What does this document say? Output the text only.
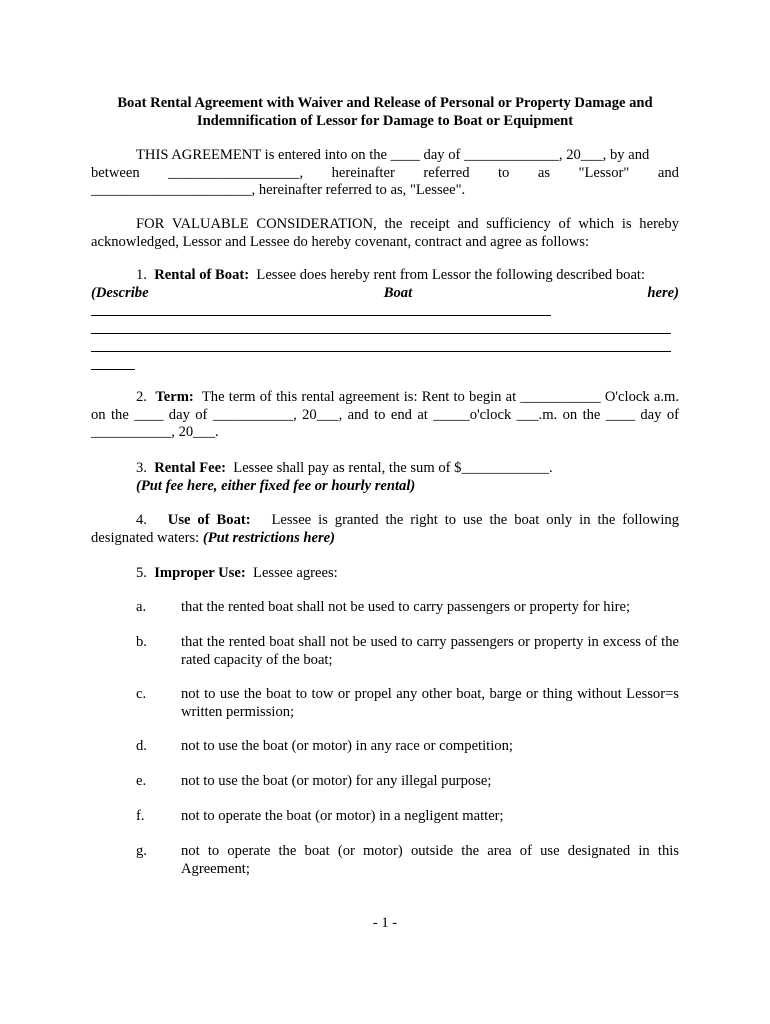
Boat Rental Agreement with Waiver and Release of Personal or Property Damage and
Indemnification of Lessor for Damage to Boat or Equipment
THIS AGREEMENT is entered into on the ____ day of _____________, 20___, by and
between __________________, hereinafter referred to as "Lessor" and
______________________, hereinafter referred to as, "Lessee".
FOR VALUABLE CONSIDERATION, the receipt and sufficiency of which is hereby acknowledged, Lessor and Lessee do hereby covenant, contract and agree as follows:
1. Rental of Boat: Lessee does hereby rent from Lessor the following described boat:
(Describe	Boat	here)
2. Term: The term of this rental agreement is: Rent to begin at ___________ O'clock a.m. on the ____ day of ___________, 20___, and to end at _____o'clock ___.m. on the ____ day of ___________, 20___.
3. Rental Fee: Lessee shall pay as rental, the sum of $____________.
(Put fee here, either fixed fee or hourly rental)
4. Use of Boat: Lessee is granted the right to use the boat only in the following designated waters: (Put restrictions here)
5. Improper Use: Lessee agrees:
a. that the rented boat shall not be used to carry passengers or property for hire;
b. that the rented boat shall not be used to carry passengers or property in excess of the rated capacity of the boat;
c. not to use the boat to tow or propel any other boat, barge or thing without Lessor=s written permission;
d. not to use the boat (or motor) in any race or competition;
e. not to use the boat (or motor) for any illegal purpose;
f. not to operate the boat (or motor) in a negligent matter;
g. not to operate the boat (or motor) outside the area of use designated in this Agreement;
- 1 -
